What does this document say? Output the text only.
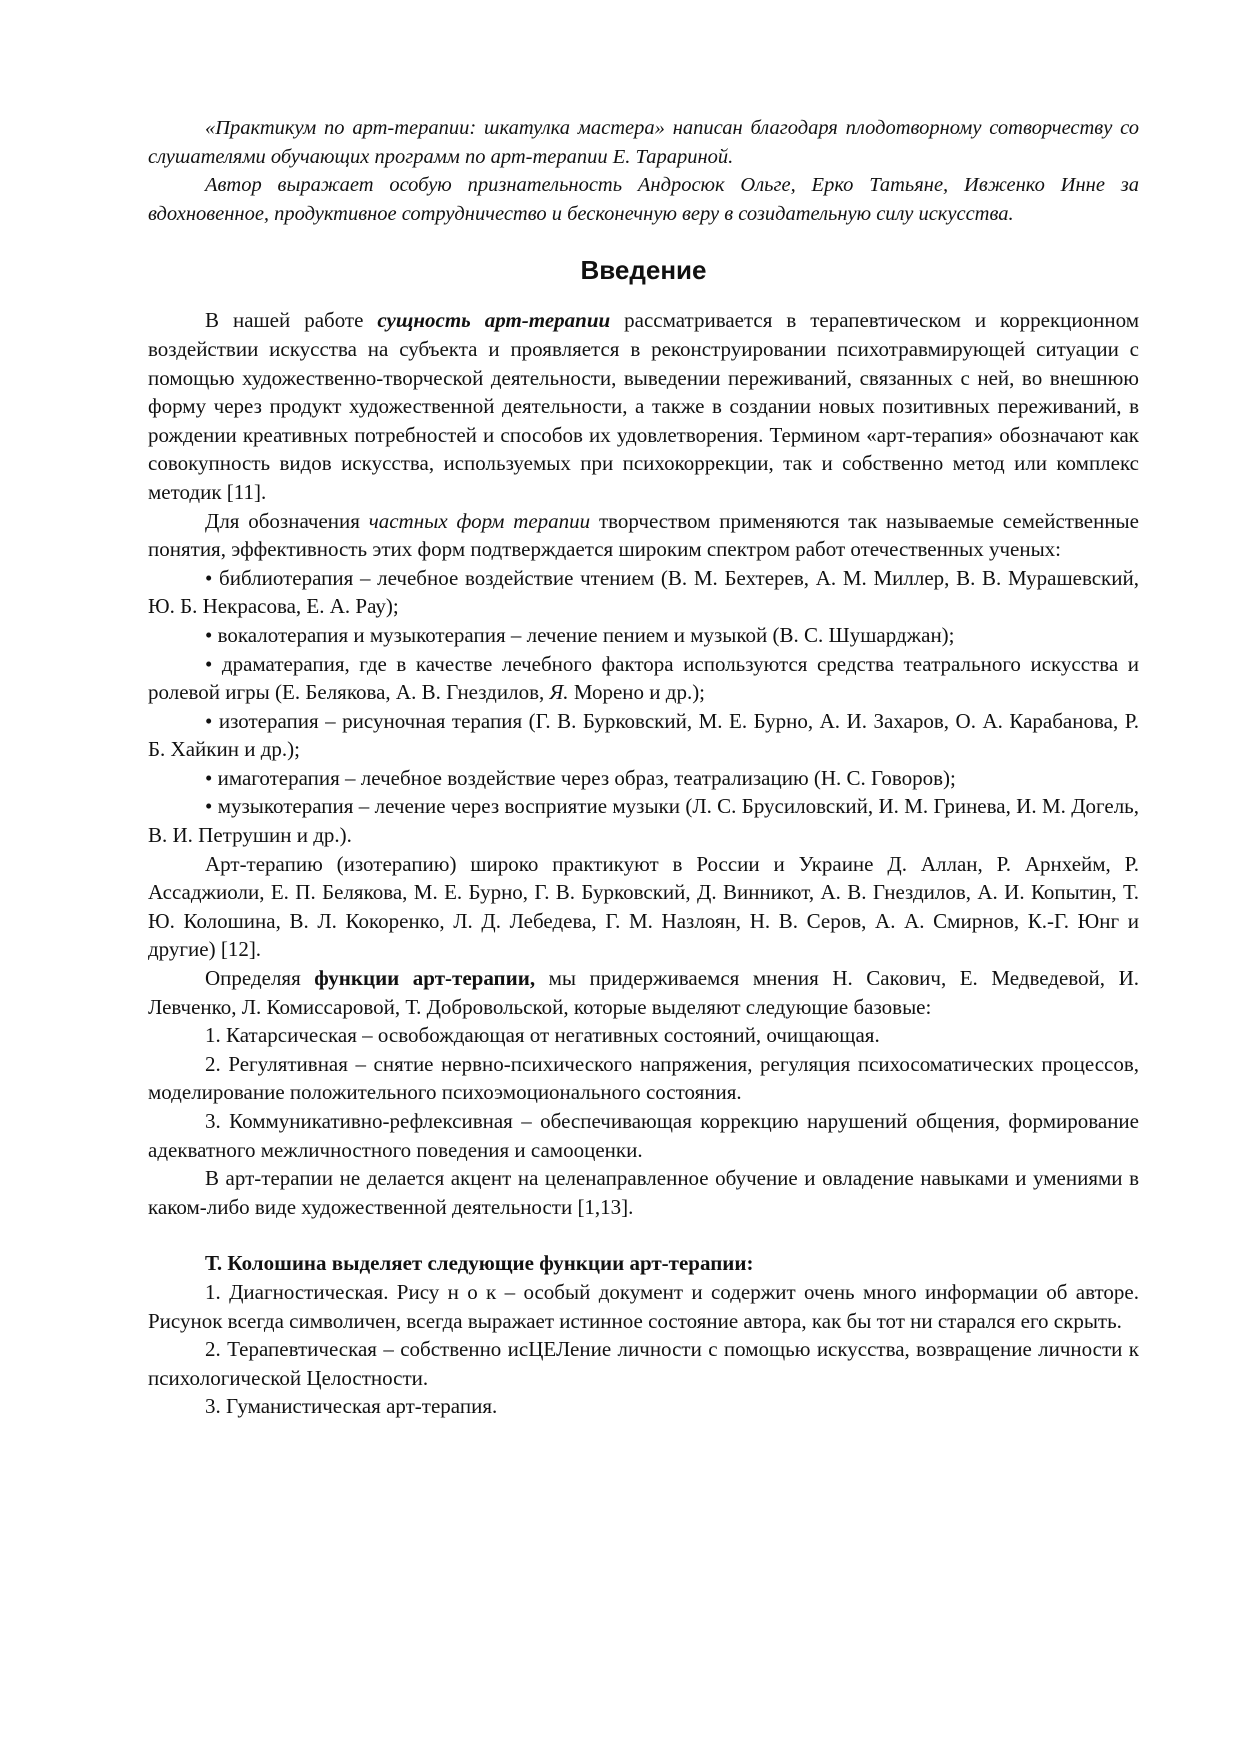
«Практикум по арт-терапии: шкатулка мастера» написан благодаря плодотворному сотворчеству со слушателями обучающих программ по арт-терапии Е. Тарариной.

Автор выражает особую признательность Андросюк Ольге, Ерко Татьяне, Ивженко Инне за вдохновенное, продуктивное сотрудничество и бесконечную веру в созидательную силу искусства.

Введение

В нашей работе сущность арт-терапии рассматривается в терапевтическом и коррекционном воздействии искусства на субъекта и проявляется в реконструировании психотравмирующей ситуации с помощью художественно-творческой деятельности, выведении переживаний, связанных с ней, во внешнюю форму через продукт художественной деятельности, а также в создании новых позитивных переживаний, в рождении креативных потребностей и способов их удовлетворения. Термином «арт-терапия» обозначают как совокупность видов искусства, используемых при психокоррекции, так и собственно метод или комплекс методик [11].

Для обозначения частных форм терапии творчеством применяются так называемые семейственные понятия, эффективность этих форм подтверждается широким спектром работ отечественных ученых:

• библиотерапия – лечебное воздействие чтением (В. М. Бехтерев, А. М. Миллер, В. В. Мурашевский, Ю. Б. Некрасова, Е. А. Рау);

• вокалотерапия и музыкотерапия – лечение пением и музыкой (В. С. Шушарджан);

• драматерапия, где в качестве лечебного фактора используются средства театрального искусства и ролевой игры (Е. Белякова, А. В. Гнездилов, Я. Морено и др.);

• изотерапия – рисуночная терапия (Г. В. Бурковский, М. Е. Бурно, А. И. Захаров, О. А. Карабанова, Р. Б. Хайкин и др.);

• имаготерапия – лечебное воздействие через образ, театрализацию (Н. С. Говоров);

• музыкотерапия – лечение через восприятие музыки (Л. С. Брусиловский, И. М. Гринева, И. М. Догель, В. И. Петрушин и др.).

Арт-терапию (изотерапию) широко практикуют в России и Украине Д. Аллан, Р. Арнхейм, Р. Ассаджиоли, Е. П. Белякова, М. Е. Бурно, Г. В. Бурковский, Д. Винникот, А. В. Гнездилов, А. И. Копытин, Т. Ю. Колошина, В. Л. Кокоренко, Л. Д. Лебедева, Г. М. Назлоян, Н. В. Серов, А. А. Смирнов, К.-Г. Юнг и другие) [12].

Определяя функции арт-терапии, мы придерживаемся мнения Н. Сакович, Е. Медведевой, И. Левченко, Л. Комиссаровой, Т. Добровольской, которые выделяют следующие базовые:

1. Катарсическая – освобождающая от негативных состояний, очищающая.

2. Регулятивная – снятие нервно-психического напряжения, регуляция психосоматических процессов, моделирование положительного психоэмоционального состояния.

3. Коммуникативно-рефлексивная – обеспечивающая коррекцию нарушений общения, формирование адекватного межличностного поведения и самооценки.

В арт-терапии не делается акцент на целенаправленное обучение и овладение навыками и умениями в каком-либо виде художественной деятельности [1,13].

Т. Колошина выделяет следующие функции арт-терапии:

1. Диагностическая. Рису н о к – особый документ и содержит очень много информации об авторе. Рисунок всегда символичен, всегда выражает истинное состояние автора, как бы тот ни старался его скрыть.

2. Терапевтическая – собственно исЦЕЛение личности с помощью искусства, возвращение личности к психологической Целостности.

3. Гуманистическая арт-терапия.
